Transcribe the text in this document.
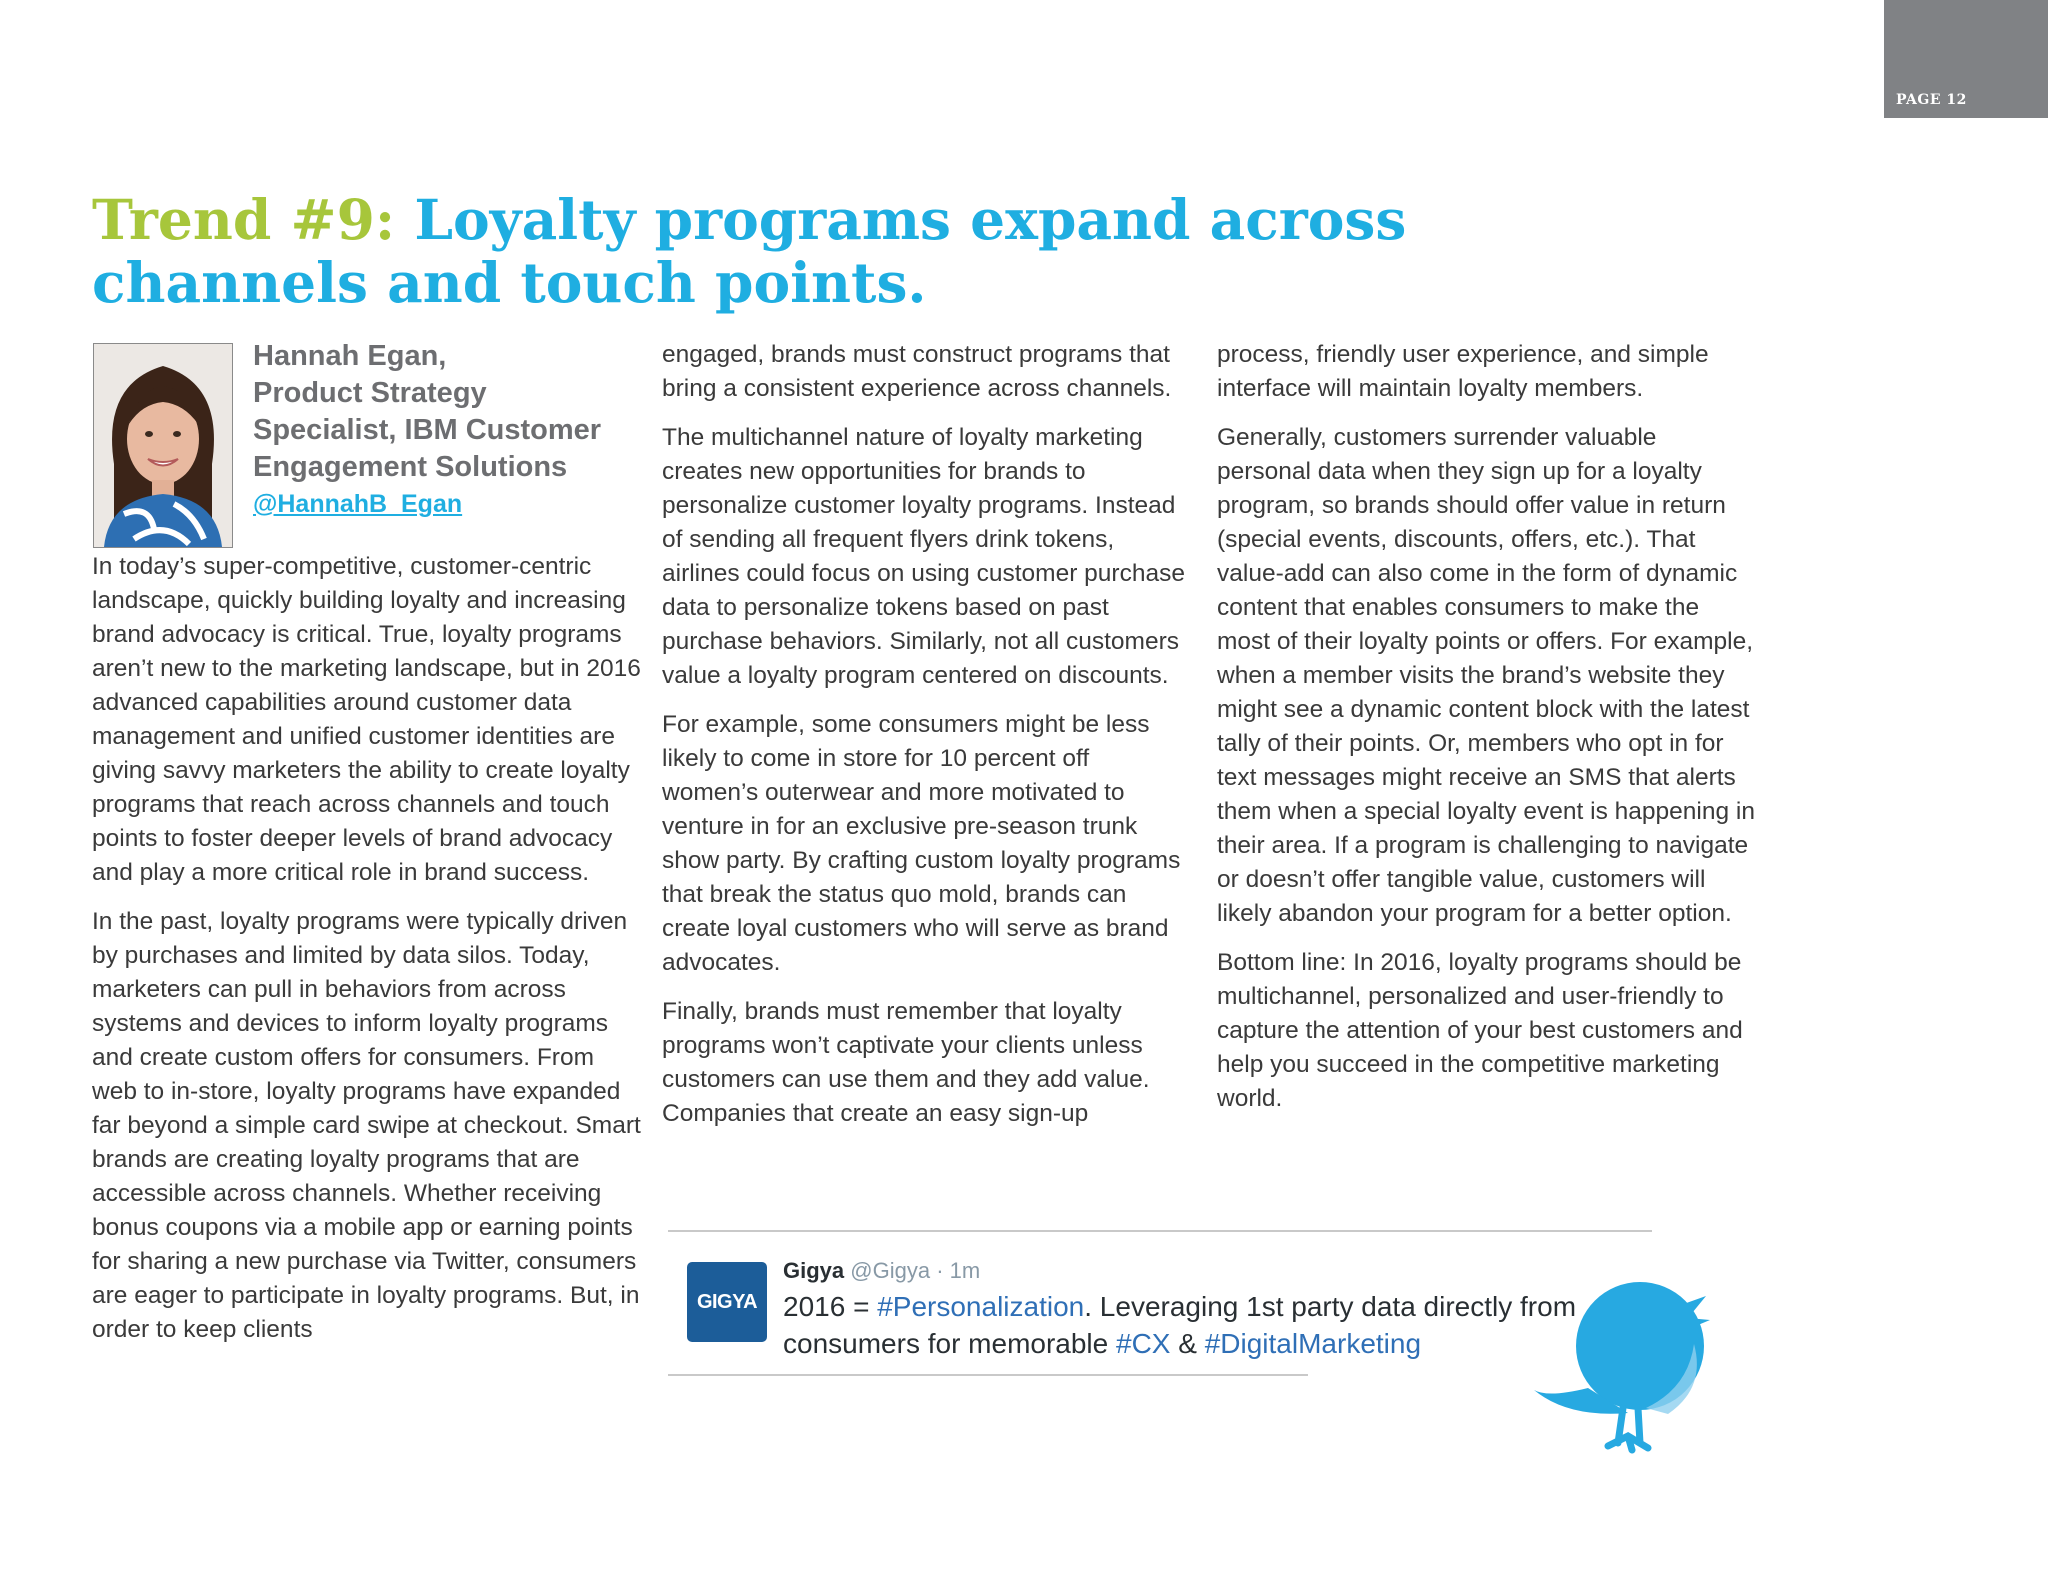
PAGE 12
Trend #9: Loyalty programs expand across channels and touch points.
Hannah Egan,
Product Strategy Specialist, IBM Customer Engagement Solutions
@HannahB_Egan

In today’s super-competitive, customer-centric landscape, quickly building loyalty and increasing brand advocacy is critical. True, loyalty programs aren’t new to the marketing landscape, but in 2016 advanced capabilities around customer data management and unified customer identities are giving savvy marketers the ability to create loyalty programs that reach across channels and touch points to foster deeper levels of brand advocacy and play a more critical role in brand success.

In the past, loyalty programs were typically driven by purchases and limited by data silos. Today, marketers can pull in behaviors from across systems and devices to inform loyalty programs and create custom offers for consumers. From web to in-store, loyalty programs have expanded far beyond a simple card swipe at checkout. Smart brands are creating loyalty programs that are accessible across channels. Whether receiving bonus coupons via a mobile app or earning points for sharing a new purchase via Twitter, consumers are eager to participate in loyalty programs. But, in order to keep clients

engaged, brands must construct programs that bring a consistent experience across channels.

The multichannel nature of loyalty marketing creates new opportunities for brands to personalize customer loyalty programs. Instead of sending all frequent flyers drink tokens, airlines could focus on using customer purchase data to personalize tokens based on past purchase behaviors. Similarly, not all customers value a loyalty program centered on discounts.

For example, some consumers might be less likely to come in store for 10 percent off women’s outerwear and more motivated to venture in for an exclusive pre-season trunk show party. By crafting custom loyalty programs that break the status quo mold, brands can create loyal customers who will serve as brand advocates.

Finally, brands must remember that loyalty programs won’t captivate your clients unless customers can use them and they add value. Companies that create an easy sign-up

process, friendly user experience, and simple interface will maintain loyalty members.

Generally, customers surrender valuable personal data when they sign up for a loyalty program, so brands should offer value in return (special events, discounts, offers, etc.). That value-add can also come in the form of dynamic content that enables consumers to make the most of their loyalty points or offers. For example, when a member visits the brand’s website they might see a dynamic content block with the latest tally of their points. Or, members who opt in for text messages might receive an SMS that alerts them when a special loyalty event is happening in their area. If a program is challenging to navigate or doesn’t offer tangible value, customers will likely abandon your program for a better option.

Bottom line: In 2016, loyalty programs should be multichannel, personalized and user-friendly to capture the attention of your best customers and help you succeed in the competitive marketing world.

GIGYA
Gigya @Gigya · 1m
2016 = #Personalization. Leveraging 1st party data directly from consumers for memorable #CX & #DigitalMarketing
